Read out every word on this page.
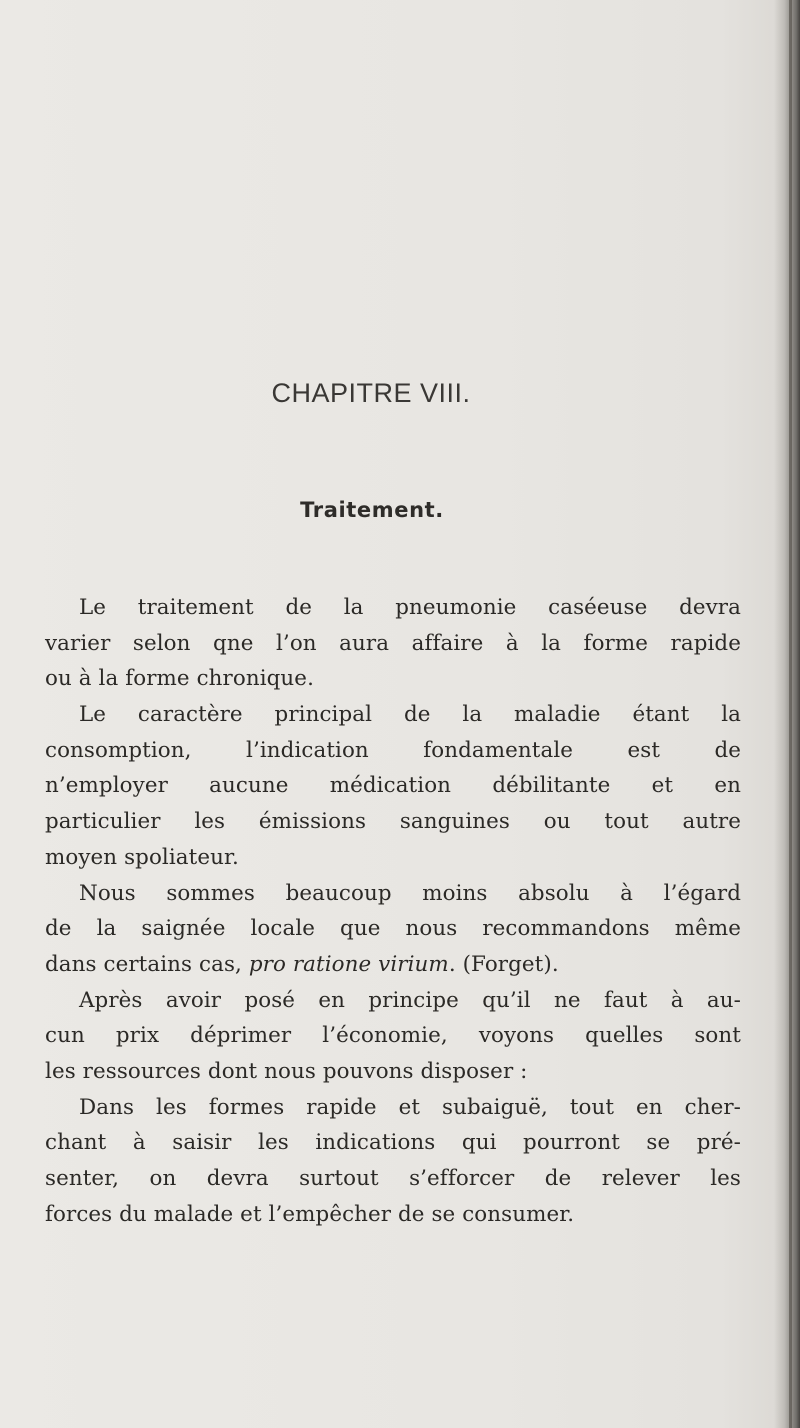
CHAPITRE VIII.
Traitement.
Le traitement de la pneumonie caséeuse devra
varier selon qne l’on aura affaire à la forme rapide
ou à la forme chronique.
Le caractère principal de la maladie étant la
consomption, l’indication fondamentale est de
n’employer aucune médication débilitante et en
particulier les émissions sanguines ou tout autre
moyen spoliateur.
Nous sommes beaucoup moins absolu à l’égard
de la saignée locale que nous recommandons même
dans certains cas, pro ratione virium. (Forget).
Après avoir posé en principe qu’il ne faut à au-
cun prix déprimer l’économie, voyons quelles sont
les ressources dont nous pouvons disposer :
Dans les formes rapide et subaiguë, tout en cher-
chant à saisir les indications qui pourront se pré-
senter, on devra surtout s’efforcer de relever les
forces du malade et l’empêcher de se consumer.
